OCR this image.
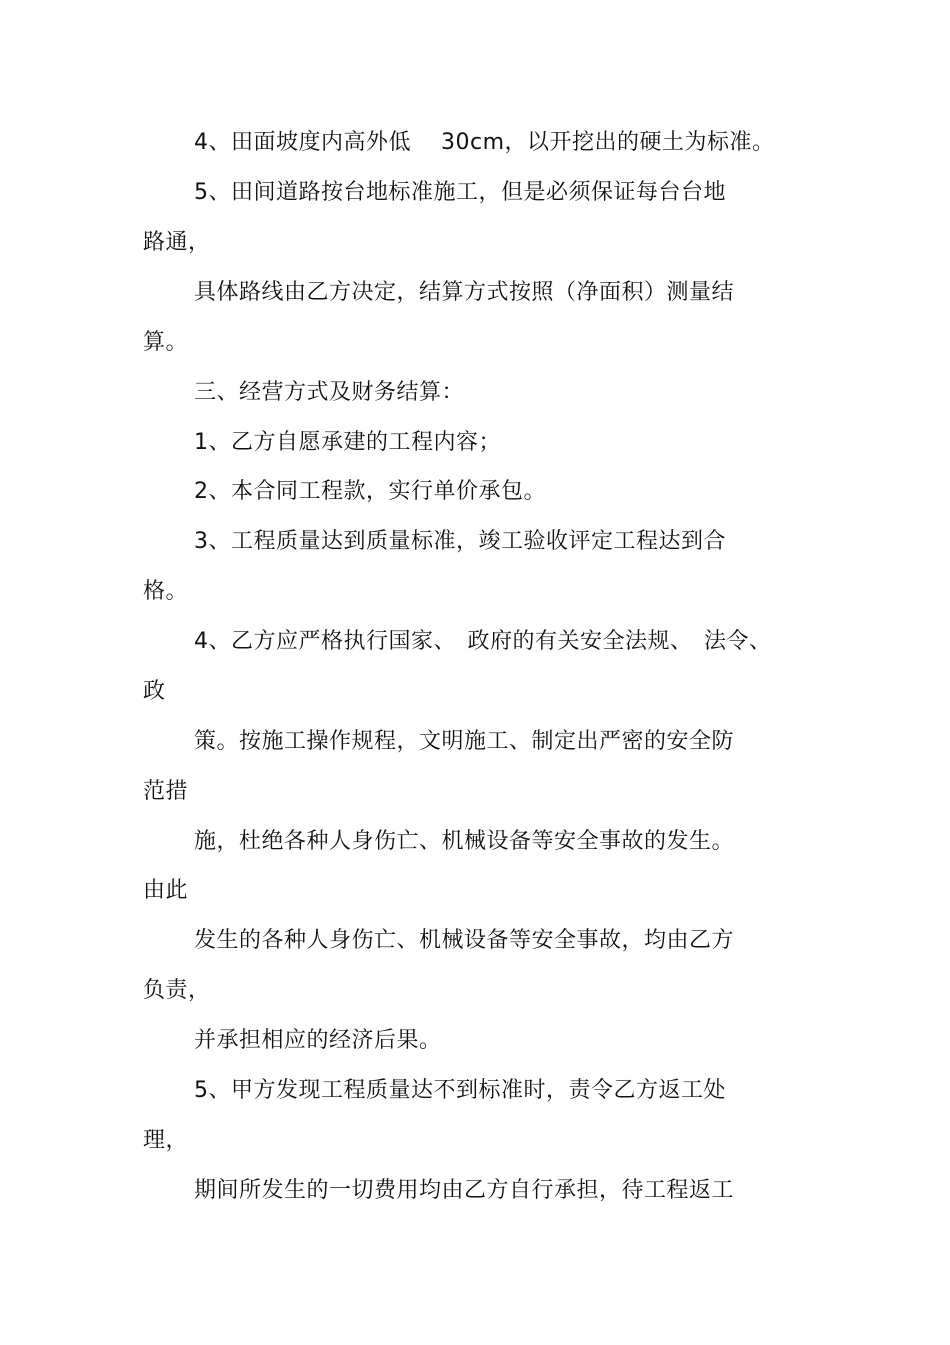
4、田面坡度内高外低　 30cm，以开挖出的硬土为标准。
5、田间道路按台地标准施工，但是必须保证每台台地
路通，
具体路线由乙方决定，结算方式按照（净面积）测量结
算。
三、经营方式及财务结算：
1、乙方自愿承建的工程内容；
2、本合同工程款，实行单价承包。
3、工程质量达到质量标准，竣工验收评定工程达到合
格。
4、乙方应严格执行国家、　政府的有关安全法规、　法令、
政
策。按施工操作规程，文明施工、制定出严密的安全防
范措
施，杜绝各种人身伤亡、机械设备等安全事故的发生。
由此
发生的各种人身伤亡、机械设备等安全事故，均由乙方
负责，
并承担相应的经济后果。
5、甲方发现工程质量达不到标准时，责令乙方返工处
理，
期间所发生的一切费用均由乙方自行承担，待工程返工
